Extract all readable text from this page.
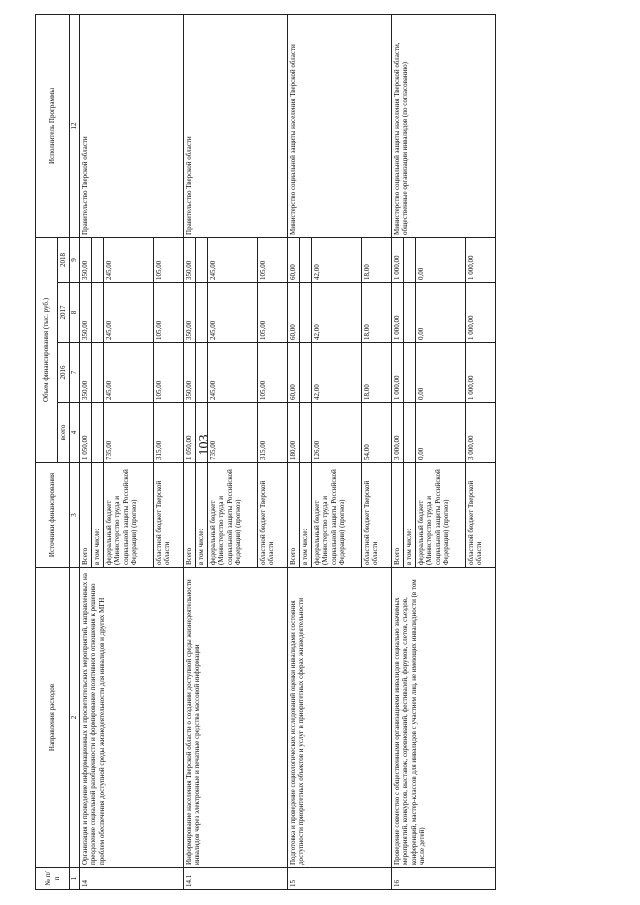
103
№ п/п	Направления расходов	Источники финансирования	Объем финансирования (тыс. руб.)				Исполнитель Программы
			всего	2016	2017	2018	
1	2	3	4	7	8	9	12
14	Организация и проведение информационных и просветительских мероприятий, направленных на преодоление социальной разобщенности и формирование позитивного отношения к решению проблем обеспечения доступной среды жизнедеятельности для инвалидов и других МГН	Всего	1 050,00	350,00	350,00	350,00	Правительство Тверской области
		в том числе:					
		федеральный бюджет (Министерство труда и социальной защиты Российской Федерации) (прогноз)	735,00	245,00	245,00	245,00	
		областной бюджет Тверской области	315,00	105,00	105,00	105,00	
14.1	Информирование населения Тверской области о создании доступной среды жизнедеятельности инвалидов через электронные и печатные средства массовой информации	Всего	1 050,00	350,00	350,00	350,00	Правительство Тверской области
		в том числе:					
		федеральный бюджет (Министерство труда и социальной защиты Российской Федерации) (прогноз)	735,00	245,00	245,00	245,00	
		областной бюджет Тверской области	315,00	105,00	105,00	105,00	
15	Подготовка и проведение социологических исследований оценки инвалидами состояния доступности приоритетных объектов и услуг в приоритетных сферах жизнедеятельности	Всего	180,00	60,00	60,00	60,00	Министерство социальной защиты населения Тверской области
		в том числе:					
		федеральный бюджет (Министерство труда и социальной защиты Российской Федерации) (прогноз)	126,00	42,00	42,00	42,00	
		областной бюджет Тверской области	54,00	18,00	18,00	18,00	
16	Проведение совместно с общественными организациями инвалидов социально значимых мероприятий, конкурсов, выставок, соревнований, фестивалей, форумов, слетов, съездов, конференций, мастер-классов для инвалидов с участием лиц, не имеющих инвалидности (в том числе детей)	Всего	3 000,00	1 000,00	1 000,00	1 000,00	Министерство социальной защиты населения Тверской области, общественные организации инвалидов (по согласованию)
		в том числе:					
		федеральный бюджет (Министерство труда и социальной защиты Российской Федерации) (прогноз)	0,00	0,00	0,00	0,00	
		областной бюджет Тверской области	3 000,00	1 000,00	1 000,00	1 000,00	
